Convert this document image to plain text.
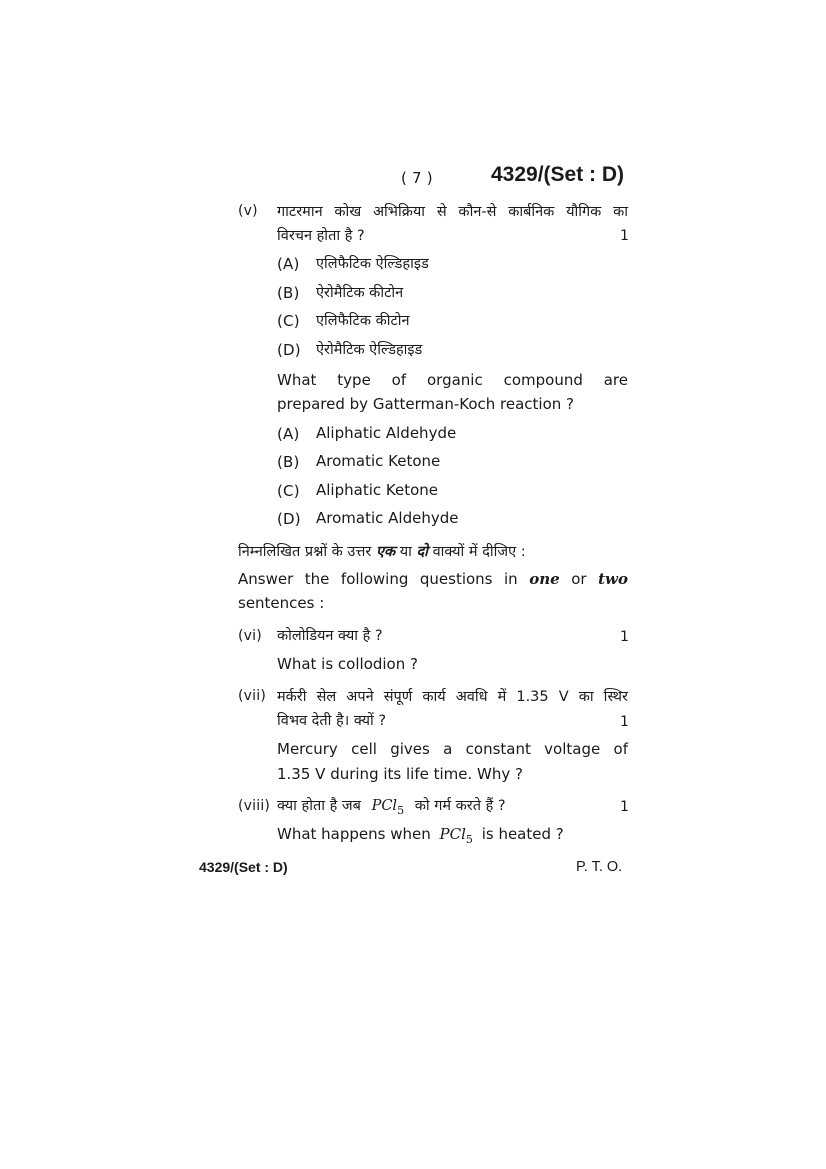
( 7 )	4329/(Set : D)
(v) गाटरमान कोख अभिक्रिया से कौन-से कार्बनिक यौगिक का
विरचन होता है ?	1
(A) एलिफैटिक ऐल्डिहाइड
(B) ऐरोमैटिक कीटोन
(C) एलिफैटिक कीटोन
(D) ऐरोमैटिक ऐल्डिहाइड
What type of organic compound are
prepared by Gatterman-Koch reaction ?
(A) Aliphatic Aldehyde
(B) Aromatic Ketone
(C) Aliphatic Ketone
(D) Aromatic Aldehyde
निम्नलिखित प्रश्नों के उत्तर एक या दो वाक्यों में दीजिए :
Answer the following questions in one or two
sentences :
(vi) कोलोडियन क्या है ?	1
What is collodion ?
(vii) मर्करी सेल अपने संपूर्ण कार्य अवधि में 1.35 V का स्थिर
विभव देती है। क्यों ?	1
Mercury cell gives a constant voltage of
1.35 V during its life time. Why ?
(viii) क्या होता है जब PCl$_5$ को गर्म करते हैं ?	1
What happens when PCl$_5$ is heated ?
4329/(Set : D)	P. T. O.
